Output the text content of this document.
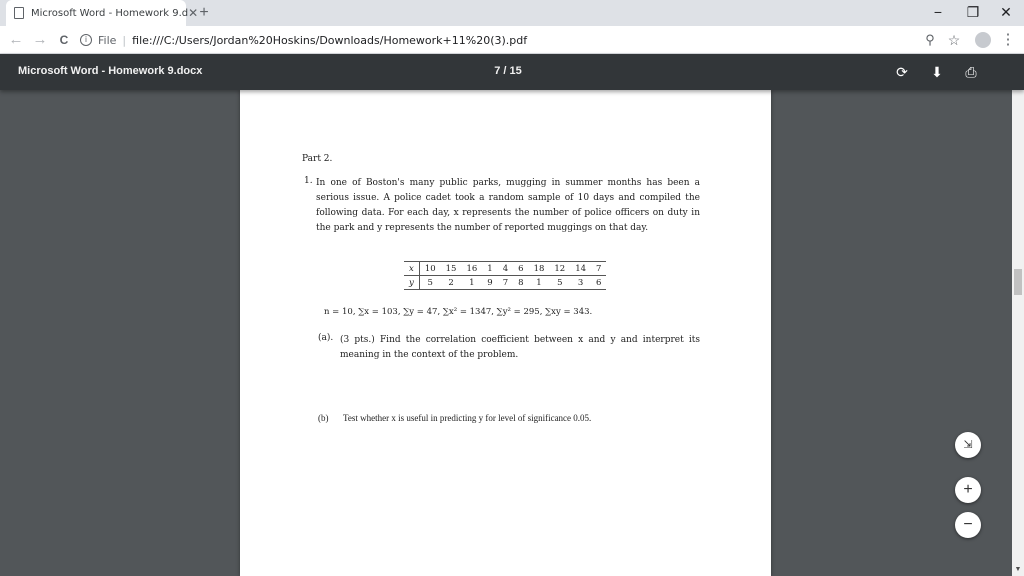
Microsoft Word - Homework 9.d ✕ +	−	❐	✕
← →	C	i File | file:///C:/Users/Jordan%20Hoskins/Downloads/Homework+11%20(3).pdf	⚲ ☆	⋮
Microsoft Word - Homework 9.docx	7 / 15	⟳ ⬇ ⎙
Part 2.
1. In one of Boston's many public parks, mugging in summer months has been a serious issue. A police cadet took a random sample of 10 days and compiled the following data. For each day, x represents the number of police officers on duty in the park and y represents the number of reported muggings on that day.
x	10	15	16	1	4	6	18	12	14	7
y	5	2	1	9	7	8	1	5	3	6
n = 10, ∑x = 103, ∑y = 47, ∑x² = 1347, ∑y² = 295, ∑xy = 343.
(a). (3 pts.) Find the correlation coefficient between x and y and interpret its meaning in the context of the problem.
(b) Test whether x is useful in predicting y for level of significance 0.05.
▼
⇲
+
−
